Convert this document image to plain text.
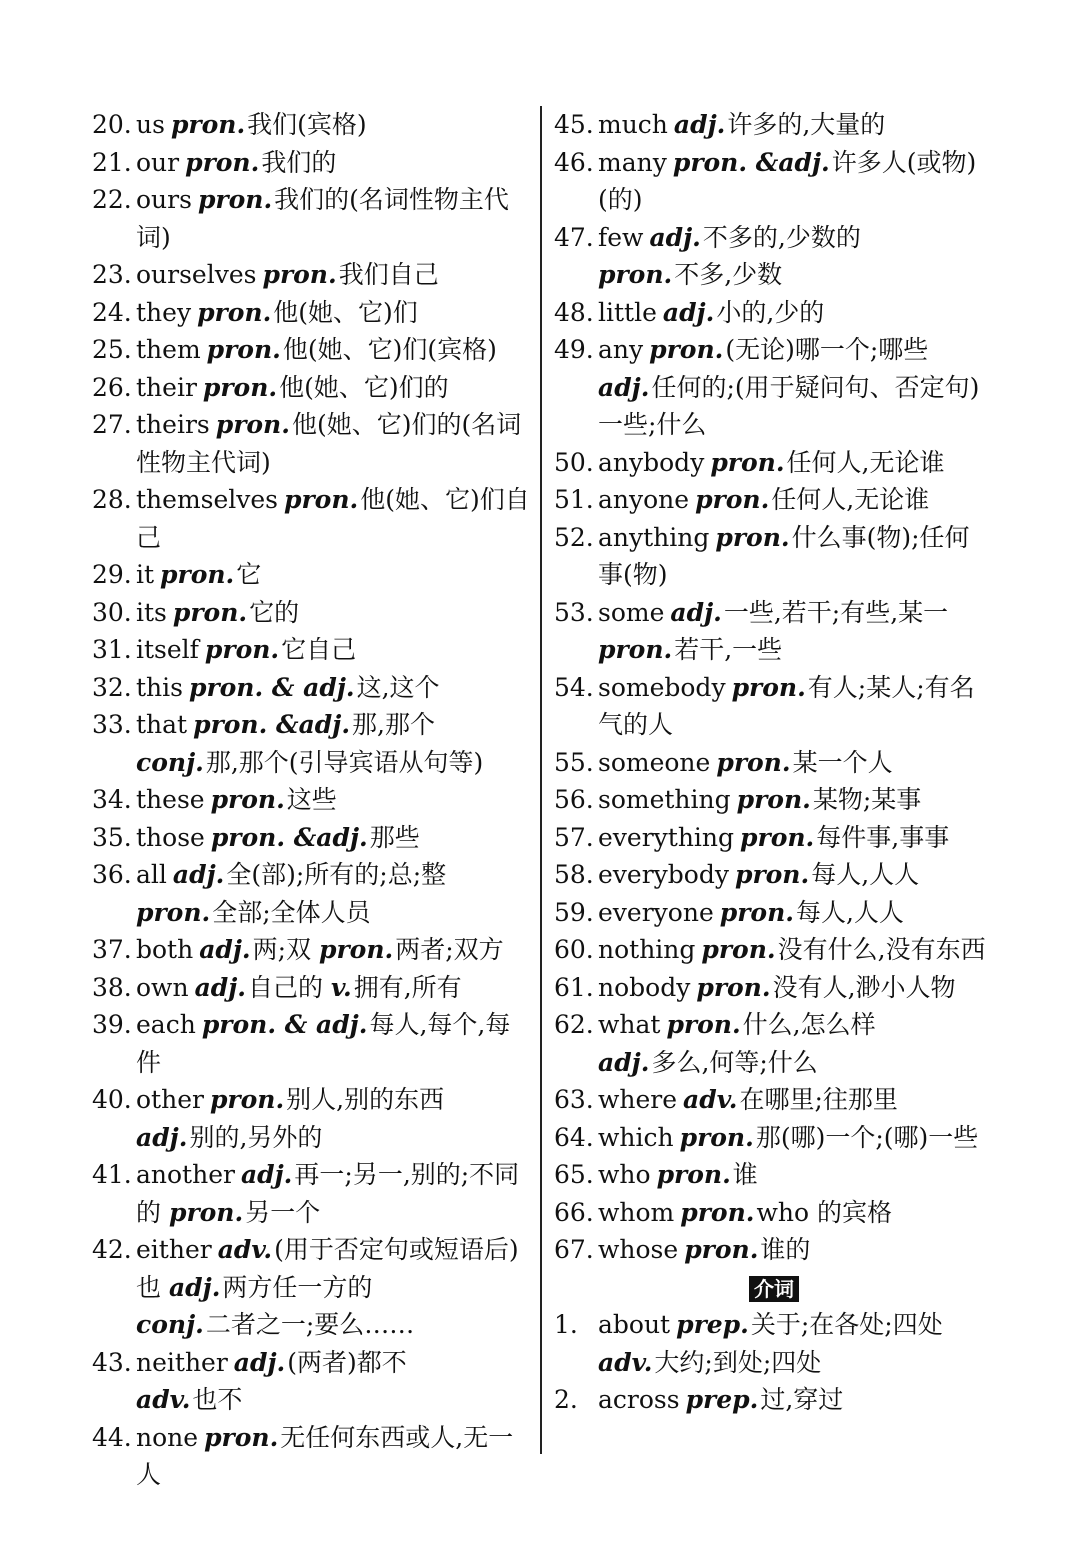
20. us pron.我们(宾格)
21. our pron.我们的
22. ours pron.我们的(名词性物主代词)
23. ourselves pron.我们自己
24. they pron.他(她、它)们
25. them pron.他(她、它)们(宾格)
26. their pron.他(她、它)们的
27. theirs pron.他(她、它)们的(名词性物主代词)
28. themselves pron.他(她、它)们自己
29. it pron.它
30. its pron.它的
31. itself pron.它自己
32. this pron. & adj.这,这个
33. that pron. &adj.那,那个
conj.那,那个(引导宾语从句等)
34. these pron.这些
35. those pron. &adj.那些
36. all adj.全(部);所有的;总;整
pron.全部;全体人员
37. both adj.两;双 pron.两者;双方
38. own adj.自己的 v.拥有,所有
39. each pron. & adj.每人,每个,每件
40. other pron.别人,别的东西
adj.别的,另外的
41. another adj.再一;另一,别的;不同的 pron.另一个
42. either adv.(用于否定句或短语后)也 adj.两方任一方的
conj.二者之一;要么……
43. neither adj.(两者)都不
adv.也不
44. none pron.无任何东西或人,无一人
45. much adj.许多的,大量的
46. many pron. &adj.许多人(或物)(的)
47. few adj.不多的,少数的
pron.不多,少数
48. little adj.小的,少的
49. any pron.(无论)哪一个;哪些
adj.任何的;(用于疑问句、否定句)一些;什么
50. anybody pron.任何人,无论谁
51. anyone pron.任何人,无论谁
52. anything pron.什么事(物);任何事(物)
53. some adj.一些,若干;有些,某一
pron.若干,一些
54. somebody pron.有人;某人;有名气的人
55. someone pron.某一个人
56. something pron.某物;某事
57. everything pron.每件事,事事
58. everybody pron.每人,人人
59. everyone pron.每人,人人
60. nothing pron.没有什么,没有东西
61. nobody pron.没有人,渺小人物
62. what pron.什么,怎么样
adj.多么,何等;什么
63. where adv.在哪里;往那里
64. which pron.那(哪)一个;(哪)一些
65. who pron.谁
66. whom pron.who 的宾格
67. whose pron.谁的
介词
1. about prep.关于;在各处;四处
adv.大约;到处;四处
2. across prep.过,穿过
